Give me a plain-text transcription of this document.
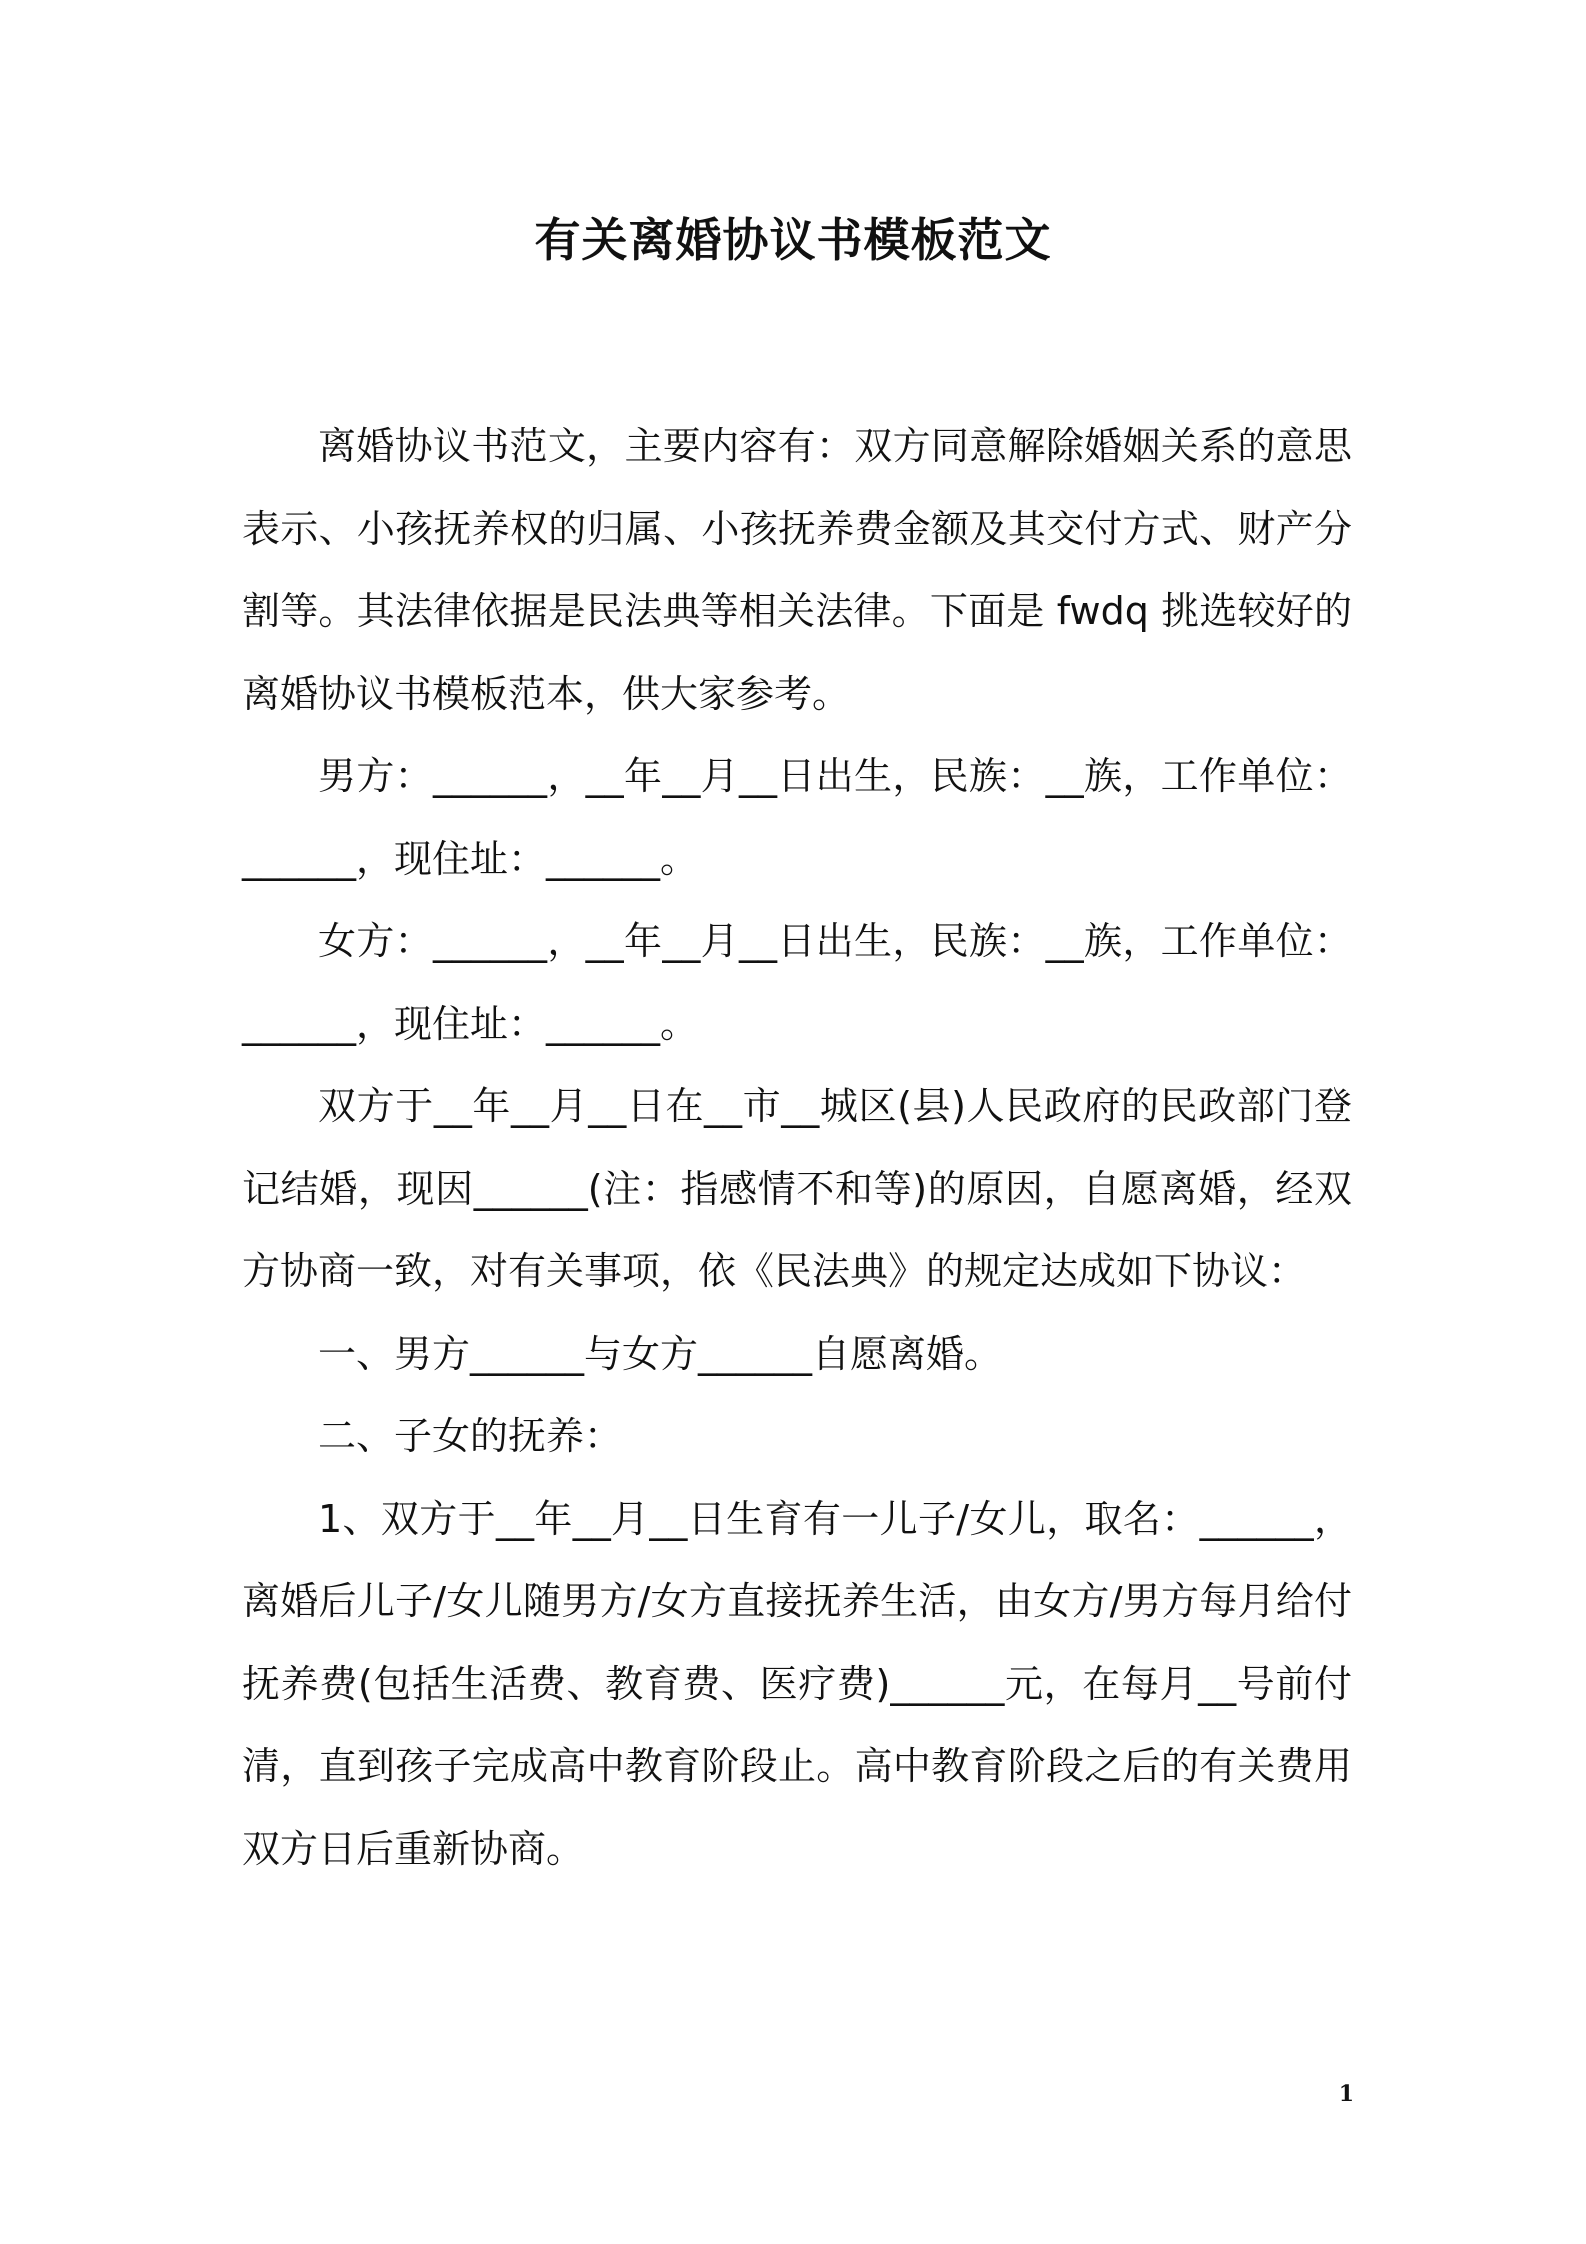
有关离婚协议书模板范文

离婚协议书范文，主要内容有：双方同意解除婚姻关系的意思表示、小孩抚养权的归属、小孩抚养费金额及其交付方式、财产分割等。其法律依据是民法典等相关法律。下面是 fwdq 挑选较好的离婚协议书模板范本，供大家参考。

男方：______，__年__月__日出生，民族：__族，工作单位：______，现住址：______。

女方：______，__年__月__日出生，民族：__族，工作单位：______，现住址：______。

双方于__年__月__日在__市__城区(县)人民政府的民政部门登记结婚，现因______(注：指感情不和等)的原因，自愿离婚，经双方协商一致，对有关事项，依《民法典》的规定达成如下协议：

一、男方______与女方______自愿离婚。

二、子女的抚养：

1、双方于__年__月__日生育有一儿子/女儿，取名：______，离婚后儿子/女儿随男方/女方直接抚养生活，由女方/男方每月给付抚养费(包括生活费、教育费、医疗费)______元，在每月__号前付清，直到孩子完成高中教育阶段止。高中教育阶段之后的有关费用双方日后重新协商。

1
